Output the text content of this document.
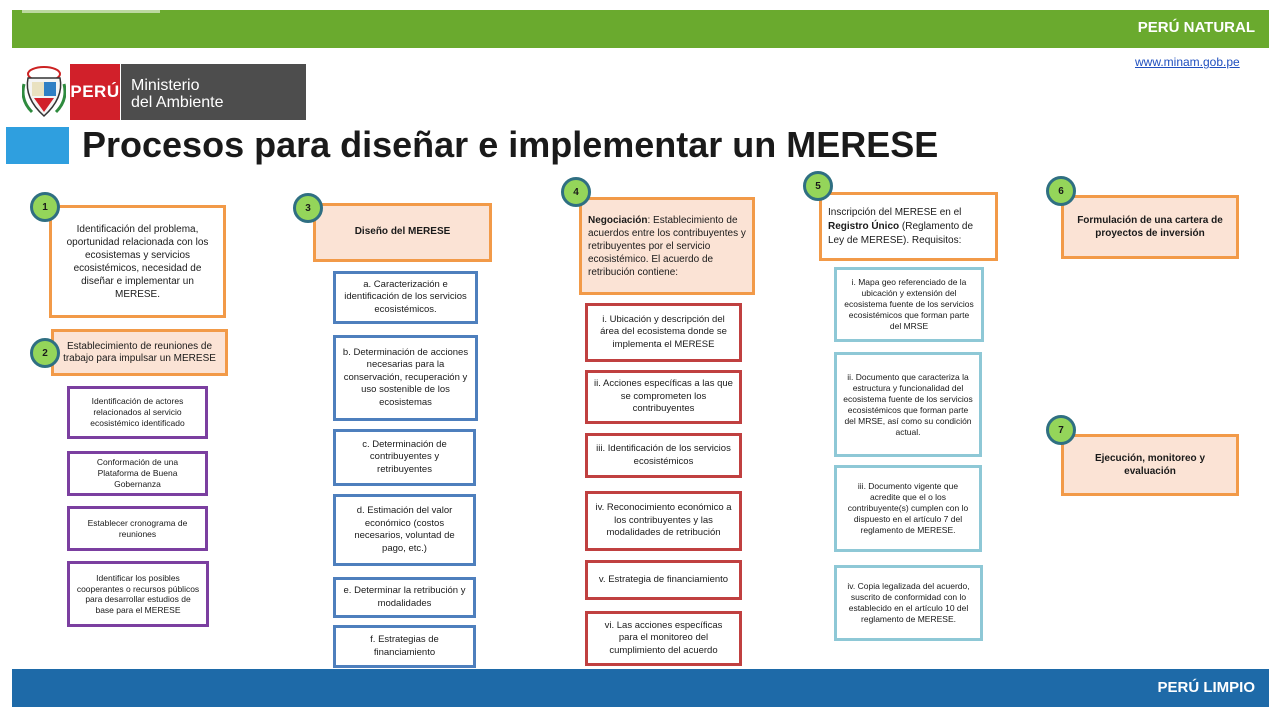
PERÚ NATURAL
www.minam.gob.pe
PERÚ Ministerio
del Ambiente
Procesos para diseñar e implementar un MERESE
Identificación del problema, oportunidad relacionada con los ecosistemas y servicios ecosistémicos, necesidad de diseñar e implementar un MERESE.
1
Establecimiento de reuniones de trabajo para impulsar un MERESE
2
Identificación de actores relacionados al servicio ecosistémico identificado
Conformación de una Plataforma de Buena Gobernanza
Establecer cronograma de reuniones
Identificar los posibles cooperantes o recursos públicos para desarrollar estudios de base para el MERESE
Diseño del MERESE
3
a. Caracterización e identificación de los servicios ecosistémicos.
b. Determinación de acciones necesarias para la conservación, recuperación y uso sostenible de los ecosistemas
c. Determinación de contribuyentes y retribuyentes
d. Estimación del valor económico (costos necesarios, voluntad de pago, etc.)
e. Determinar la retribución y modalidades
f. Estrategias de financiamiento
Negociación: Establecimiento de acuerdos entre los contribuyentes y retribuyentes por el servicio ecosistémico. El acuerdo de retribución contiene:
4
i. Ubicación y descripción del área del ecosistema donde se implementa el MERESE
ii. Acciones específicas a las que se comprometen los contribuyentes
iii. Identificación de los servicios ecosistémicos
iv. Reconocimiento económico a los contribuyentes y las modalidades de retribución
v. Estrategia de financiamiento
vi. Las acciones específicas para el monitoreo del cumplimiento del acuerdo
Inscripción del MERESE en el Registro Único (Reglamento de Ley de MERESE). Requisitos:
5
i. Mapa geo referenciado de la ubicación y extensión del ecosistema fuente de los servicios ecosistémicos que forman parte del MRSE
ii. Documento que caracteriza la estructura y funcionalidad del ecosistema fuente de los servicios ecosistémicos que forman parte del MRSE, así como su condición actual.
iii. Documento vigente que acredite que el o los contribuyente(s) cumplen con lo dispuesto en el artículo 7 del reglamento de MERESE.
iv. Copia legalizada del acuerdo, suscrito de conformidad con lo establecido en el artículo 10 del reglamento de MERESE.
Formulación de una cartera de proyectos de inversión
6
Ejecución, monitoreo y evaluación
7
PERÚ LIMPIO
